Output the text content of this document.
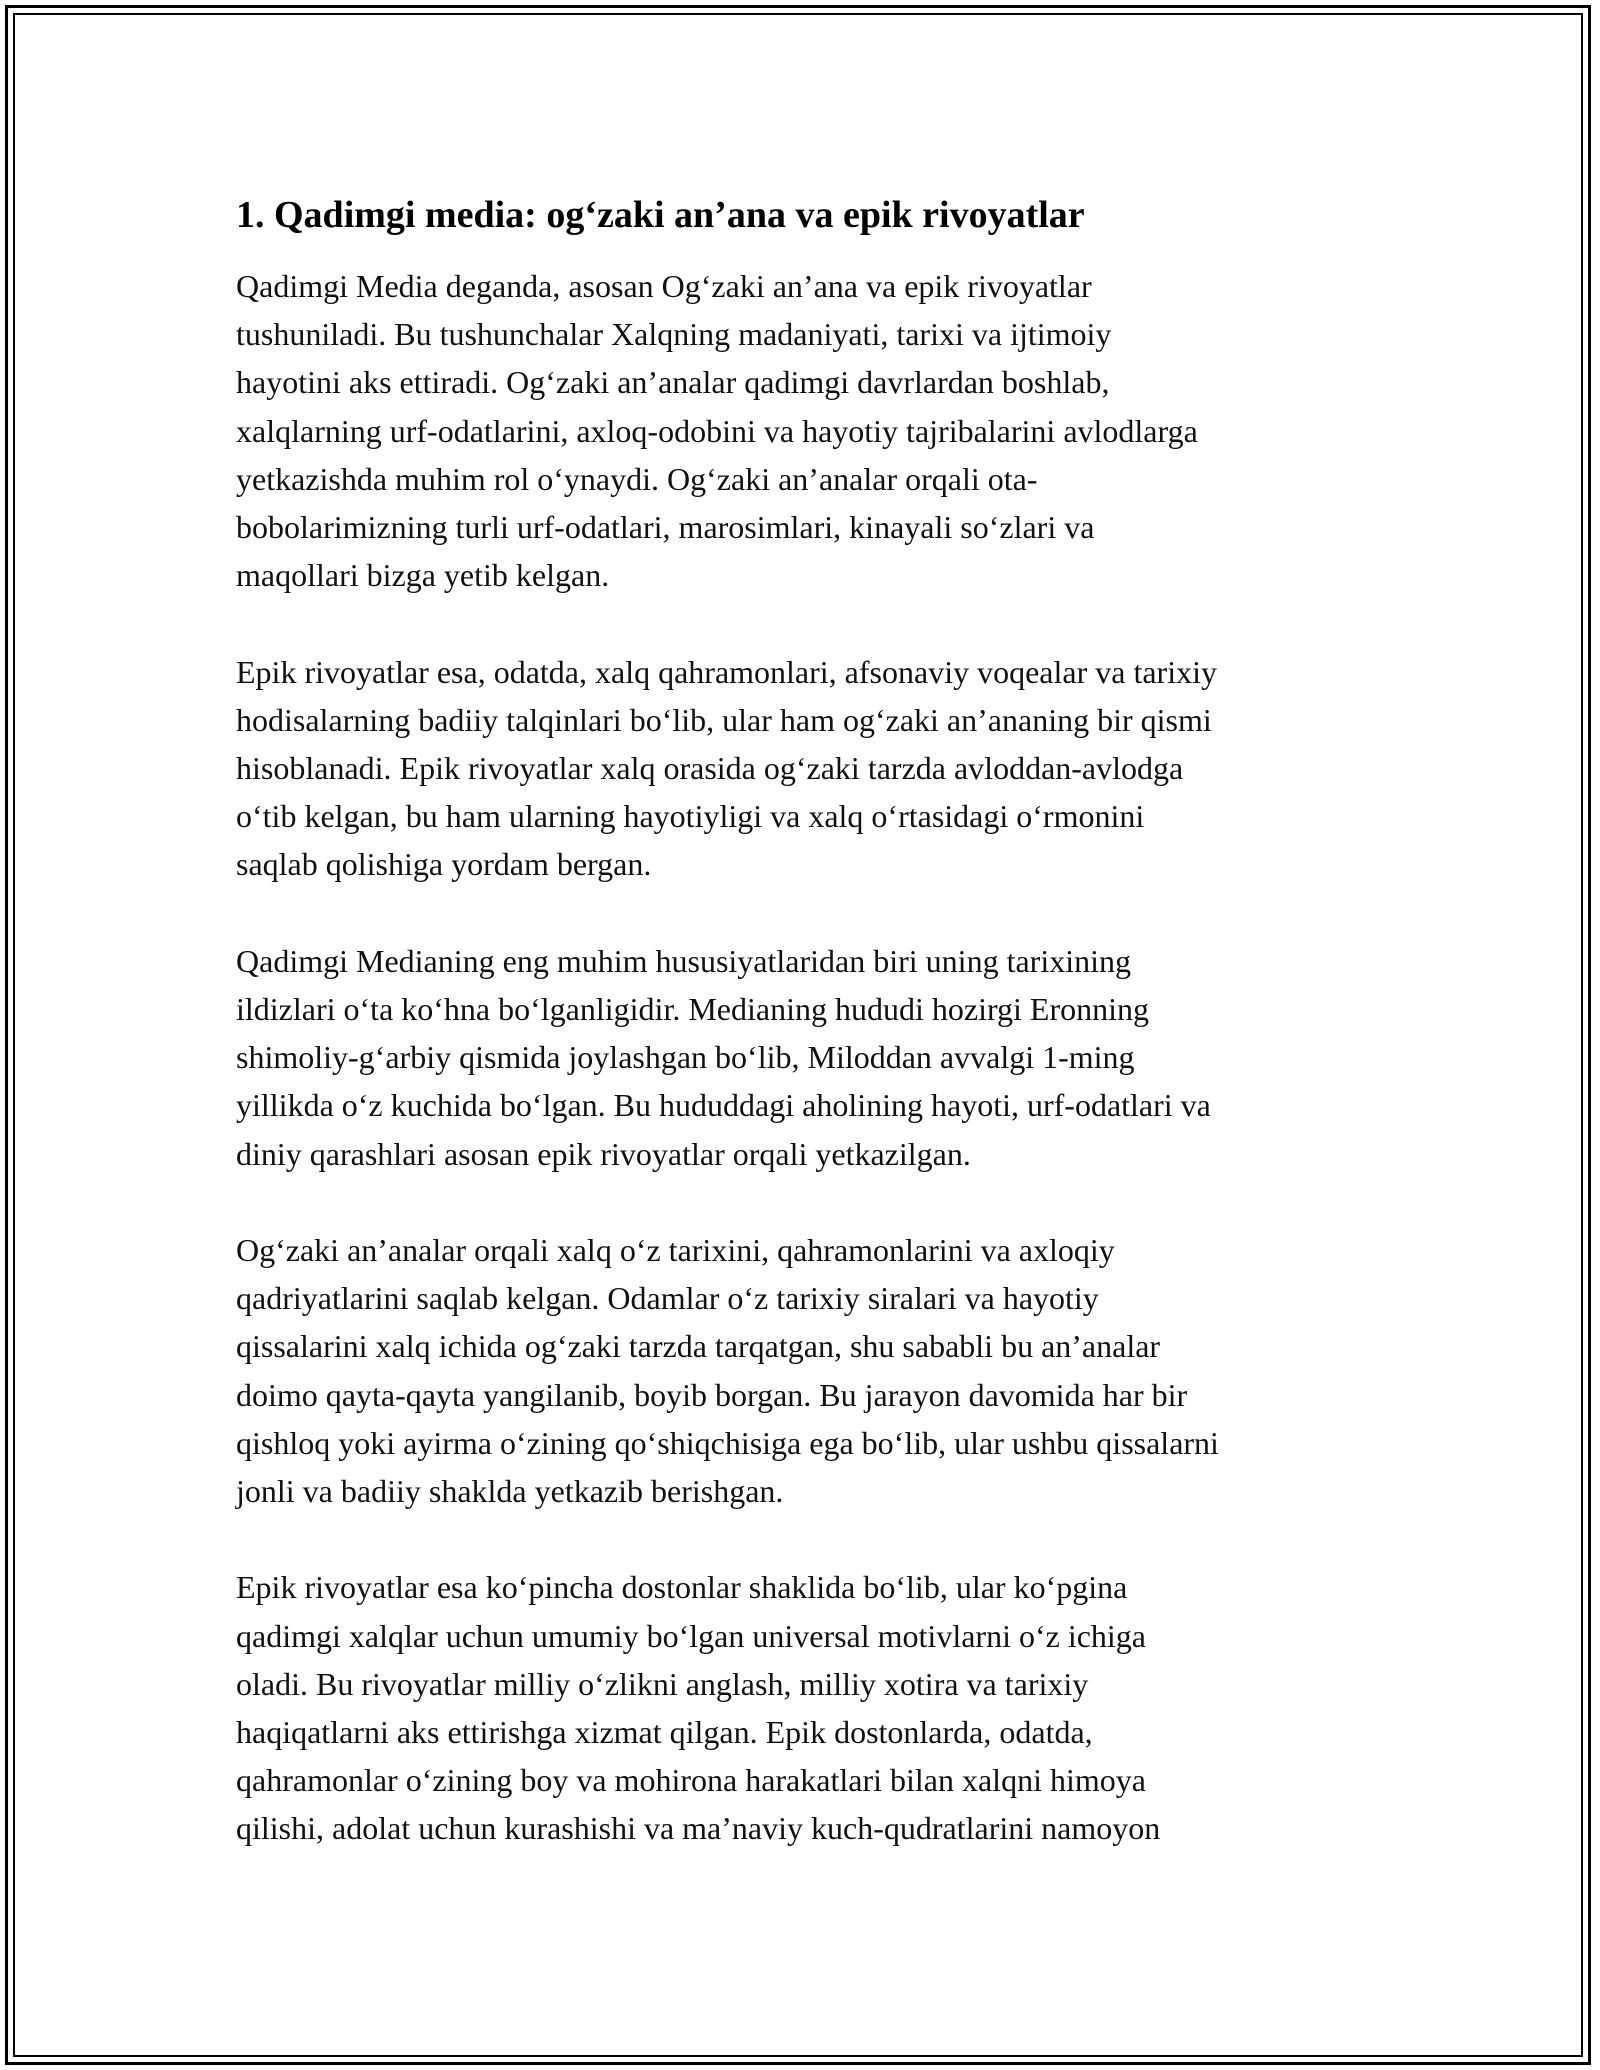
1. Qadimgi media: og‘zaki an’ana va epik rivoyatlar

Qadimgi Media deganda, asosan Og‘zaki an’ana va epik rivoyatlar
tushuniladi. Bu tushunchalar Xalqning madaniyati, tarixi va ijtimoiy
hayotini aks ettiradi. Og‘zaki an’analar qadimgi davrlardan boshlab,
xalqlarning urf-odatlarini, axloq-odobini va hayotiy tajribalarini avlodlarga
yetkazishda muhim rol o‘ynaydi. Og‘zaki an’analar orqali ota-
bobolarimizning turli urf-odatlari, marosimlari, kinayali so‘zlari va
maqollari bizga yetib kelgan.

Epik rivoyatlar esa, odatda, xalq qahramonlari, afsonaviy voqealar va tarixiy
hodisalarning badiiy talqinlari bo‘lib, ular ham og‘zaki an’ananing bir qismi
hisoblanadi. Epik rivoyatlar xalq orasida og‘zaki tarzda avloddan-avlodga
o‘tib kelgan, bu ham ularning hayotiyligi va xalq o‘rtasidagi o‘rmonini
saqlab qolishiga yordam bergan.

Qadimgi Medianing eng muhim hususiyatlaridan biri uning tarixining
ildizlari o‘ta ko‘hna bo‘lganligidir. Medianing hududi hozirgi Eronning
shimoliy-g‘arbiy qismida joylashgan bo‘lib, Miloddan avvalgi 1-ming
yillikda o‘z kuchida bo‘lgan. Bu hududdagi aholining hayoti, urf-odatlari va
diniy qarashlari asosan epik rivoyatlar orqali yetkazilgan.

Og‘zaki an’analar orqali xalq o‘z tarixini, qahramonlarini va axloqiy
qadriyatlarini saqlab kelgan. Odamlar o‘z tarixiy siralari va hayotiy
qissalarini xalq ichida og‘zaki tarzda tarqatgan, shu sababli bu an’analar
doimo qayta-qayta yangilanib, boyib borgan. Bu jarayon davomida har bir
qishloq yoki ayirma o‘zining qo‘shiqchisiga ega bo‘lib, ular ushbu qissalarni
jonli va badiiy shaklda yetkazib berishgan.

Epik rivoyatlar esa ko‘pincha dostonlar shaklida bo‘lib, ular ko‘pgina
qadimgi xalqlar uchun umumiy bo‘lgan universal motivlarni o‘z ichiga
oladi. Bu rivoyatlar milliy o‘zlikni anglash, milliy xotira va tarixiy
haqiqatlarni aks ettirishga xizmat qilgan. Epik dostonlarda, odatda,
qahramonlar o‘zining boy va mohirona harakatlari bilan xalqni himoya
qilishi, adolat uchun kurashishi va ma’naviy kuch-qudratlarini namoyon
